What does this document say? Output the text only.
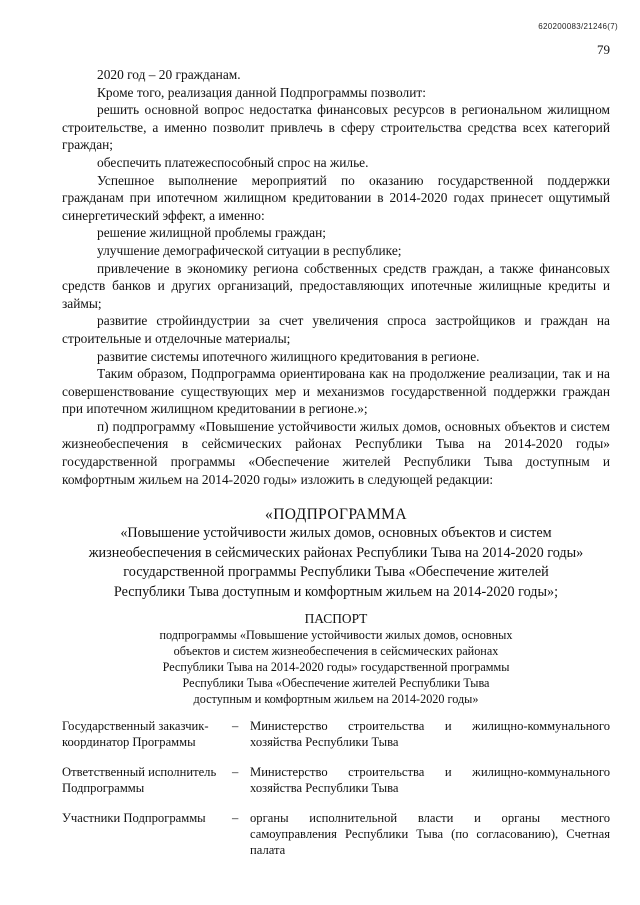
620200083/21246(7)
79

2020 год – 20 гражданам.

Кроме того, реализация данной Подпрограммы позволит:

решить основной вопрос недостатка финансовых ресурсов в региональном жилищном строительстве, а именно позволит привлечь в сферу строительства средства всех категорий граждан;

обеспечить платежеспособный спрос на жилье.

Успешное выполнение мероприятий по оказанию государственной поддержки гражданам при ипотечном жилищном кредитовании в 2014-2020 годах принесет ощутимый синергетический эффект, а именно:

решение жилищной проблемы граждан;

улучшение демографической ситуации в республике;

привлечение в экономику региона собственных средств граждан, а также финансовых средств банков и других организаций, предоставляющих ипотечные жилищные кредиты и займы;

развитие стройиндустрии за счет увеличения спроса застройщиков и граждан на строительные и отделочные материалы;

развитие системы ипотечного жилищного кредитования в регионе.

Таким образом, Подпрограмма ориентирована как на продолжение реализации, так и на совершенствование существующих мер и механизмов государственной поддержки граждан при ипотечном жилищном кредитовании в регионе.»;

п) подпрограмму «Повышение устойчивости жилых домов, основных объектов и систем жизнеобеспечения в сейсмических районах Республики Тыва на 2014-2020 годы» государственной программы «Обеспечение жителей Республики Тыва доступным и комфортным жильем на 2014-2020 годы» изложить в следующей редакции:

«ПОДПРОГРАММА

«Повышение устойчивости жилых домов, основных объектов и систем

жизнеобеспечения в сейсмических районах Республики Тыва на 2014-2020 годы»

государственной программы Республики Тыва «Обеспечение жителей

Республики Тыва доступным и комфортным жильем на 2014-2020 годы»;

ПАСПОРТ

подпрограммы «Повышение устойчивости жилых домов, основных

объектов и систем жизнеобеспечения в сейсмических районах

Республики Тыва на 2014-2020 годы» государственной программы

Республики Тыва «Обеспечение жителей Республики Тыва

доступным и комфортным жильем на 2014-2020 годы»

Государственный заказчик-координатор Программы
– Министерство строительства и жилищно-коммунального хозяйства Республики Тыва
Ответственный исполнитель Подпрограммы
– Министерство строительства и жилищно-коммунального хозяйства Республики Тыва
Участники Подпрограммы	– органы исполнительной власти и органы местного самоуправления Республики Тыва (по согласованию), Счетная палата
